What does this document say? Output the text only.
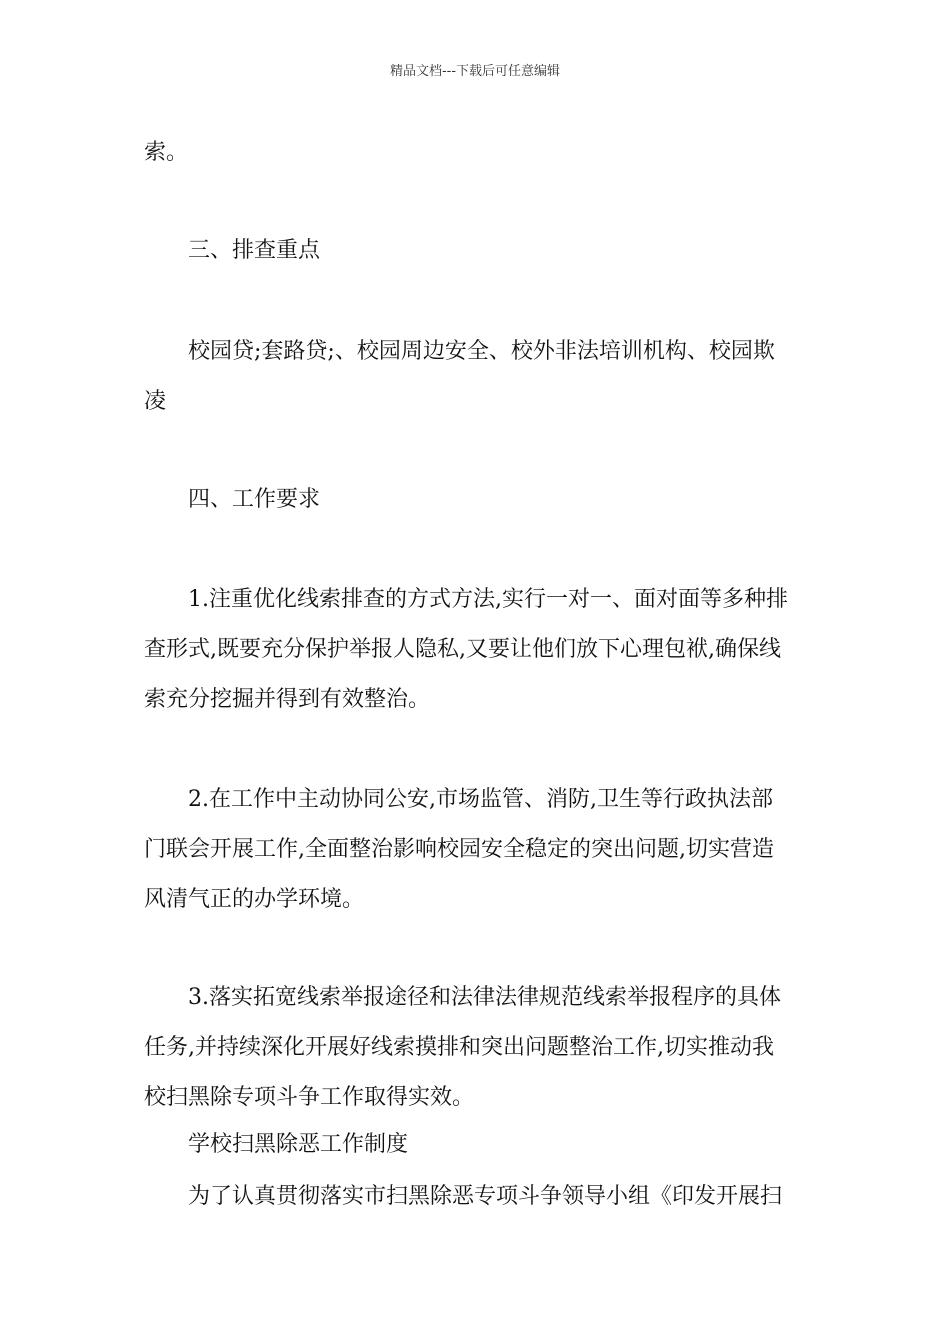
精品文档---下载后可任意编辑
索。
三、排查重点
校园贷;套路贷;、校园周边安全、校外非法培训机构、校园欺
凌
四、工作要求
1.注重优化线索排查的方式方法,实行一对一、面对面等多种排
查形式,既要充分保护举报人隐私,又要让他们放下心理包袱,确保线
索充分挖掘并得到有效整治。
2.在工作中主动协同公安,市场监管、消防,卫生等行政执法部
门联会开展工作,全面整治影响校园安全稳定的突出问题,切实营造
风清气正的办学环境。
3.落实拓宽线索举报途径和法律法律规范线索举报程序的具体
任务,并持续深化开展好线索摸排和突出问题整治工作,切实推动我
校扫黑除专项斗争工作取得实效。
学校扫黑除恶工作制度
为了认真贯彻落实市扫黑除恶专项斗争领导小组《印发开展扫
